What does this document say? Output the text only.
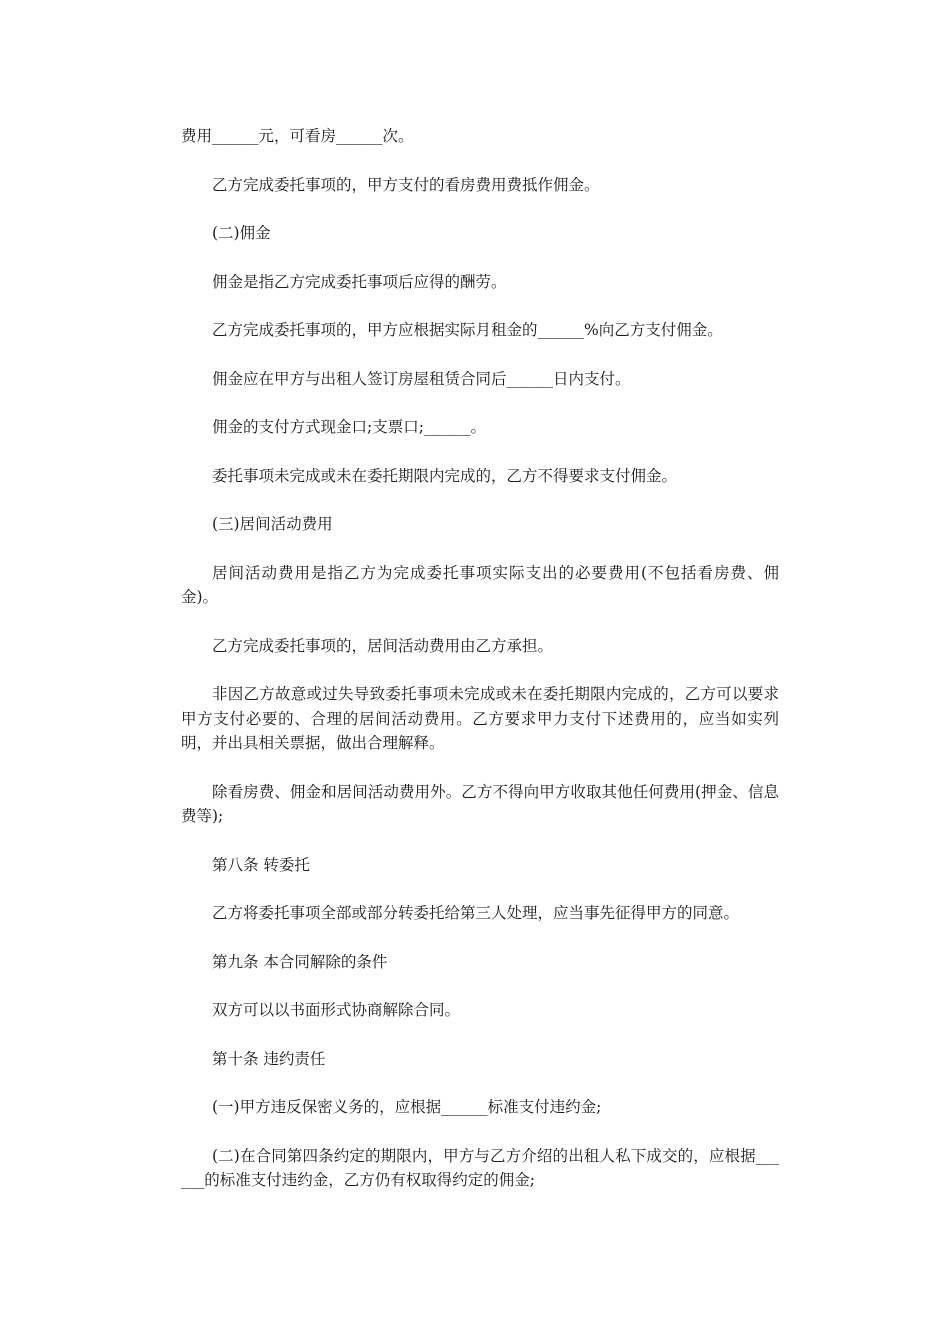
费用______元，可看房______次。

乙方完成委托事项的，甲方支付的看房费用费抵作佣金。

(二)佣金

佣金是指乙方完成委托事项后应得的酬劳。

乙方完成委托事项的，甲方应根据实际月租金的______%向乙方支付佣金。

佣金应在甲方与出租人签订房屋租赁合同后______日内支付。

佣金的支付方式现金口;支票口;______。

委托事项未完成或未在委托期限内完成的，乙方不得要求支付佣金。

(三)居间活动费用

居间活动费用是指乙方为完成委托事项实际支出的必要费用(不包括看房费、佣金)。

乙方完成委托事项的，居间活动费用由乙方承担。

非因乙方故意或过失导致委托事项未完成或未在委托期限内完成的，乙方可以要求甲方支付必要的、合理的居间活动费用。乙方要求甲力支付下述费用的，应当如实列明，并出具相关票据，做出合理解释。

除看房费、佣金和居间活动费用外。乙方不得向甲方收取其他任何费用(押金、信息费等);

第八条 转委托

乙方将委托事项全部或部分转委托给第三人处理，应当事先征得甲方的同意。

第九条 本合同解除的条件

双方可以以书面形式协商解除合同。

第十条 违约责任

(一)甲方违反保密义务的，应根据______标准支付违约金;

(二)在合同第四条约定的期限内，甲方与乙方介绍的出租人私下成交的，应根据______的标准支付违约金，乙方仍有权取得约定的佣金;
